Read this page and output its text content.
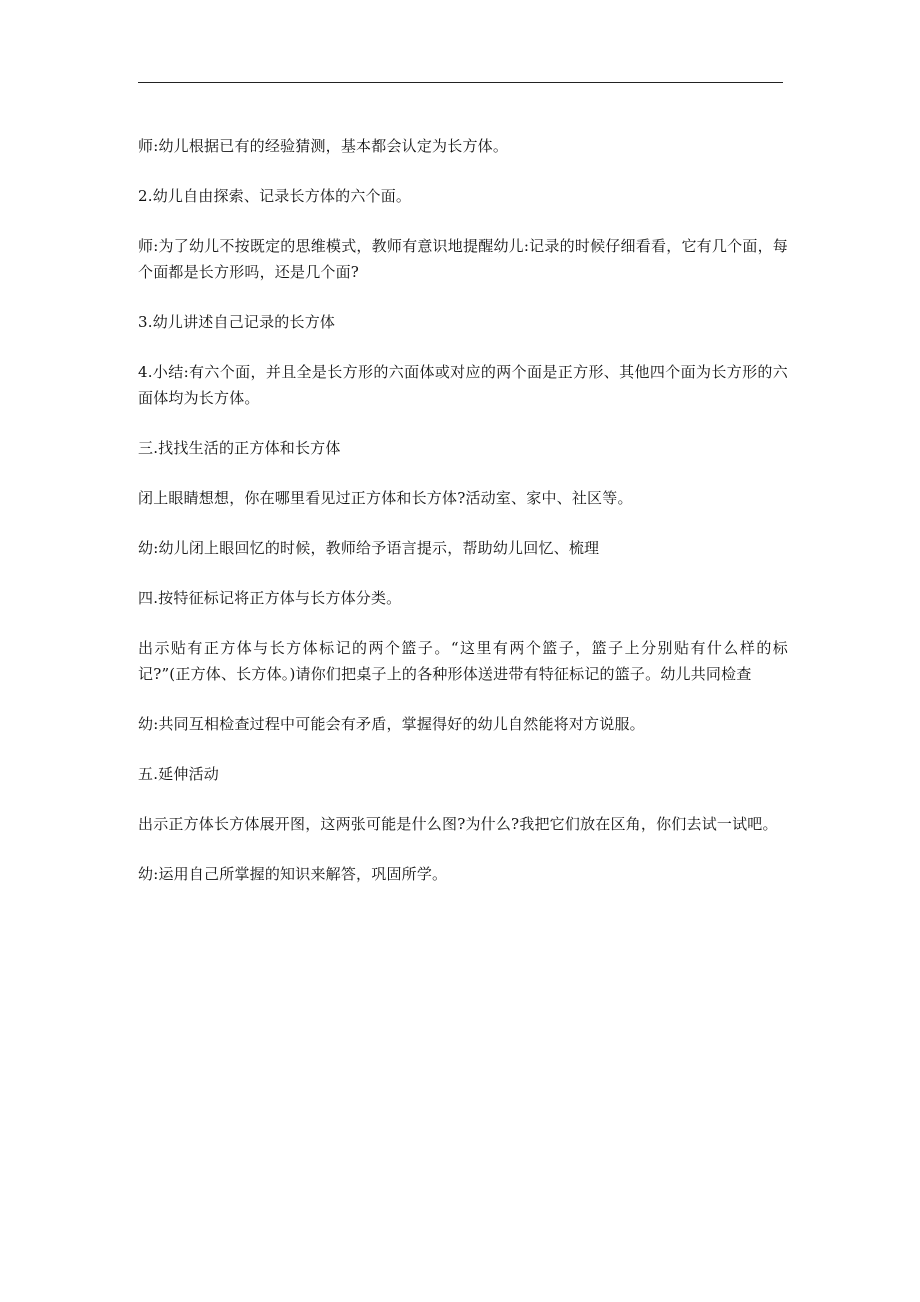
师:幼儿根据已有的经验猜测，基本都会认定为长方体。

2.幼儿自由探索、记录长方体的六个面。

师:为了幼儿不按既定的思维模式，教师有意识地提醒幼儿:记录的时候仔细看看，它有几个面，每个面都是长方形吗，还是几个面?

3.幼儿讲述自己记录的长方体

4.小结:有六个面，并且全是长方形的六面体或对应的两个面是正方形、其他四个面为长方形的六面体均为长方体。

三.找找生活的正方体和长方体

闭上眼睛想想，你在哪里看见过正方体和长方体?活动室、家中、社区等。

幼:幼儿闭上眼回忆的时候，教师给予语言提示，帮助幼儿回忆、梳理

四.按特征标记将正方体与长方体分类。

出示贴有正方体与长方体标记的两个篮子。“这里有两个篮子，篮子上分别贴有什么样的标记?”(正方体、长方体。)请你们把桌子上的各种形体送进带有特征标记的篮子。幼儿共同检查

幼:共同互相检查过程中可能会有矛盾，掌握得好的幼儿自然能将对方说服。

五.延伸活动

出示正方体长方体展开图，这两张可能是什么图?为什么?我把它们放在区角，你们去试一试吧。

幼:运用自己所掌握的知识来解答，巩固所学。
